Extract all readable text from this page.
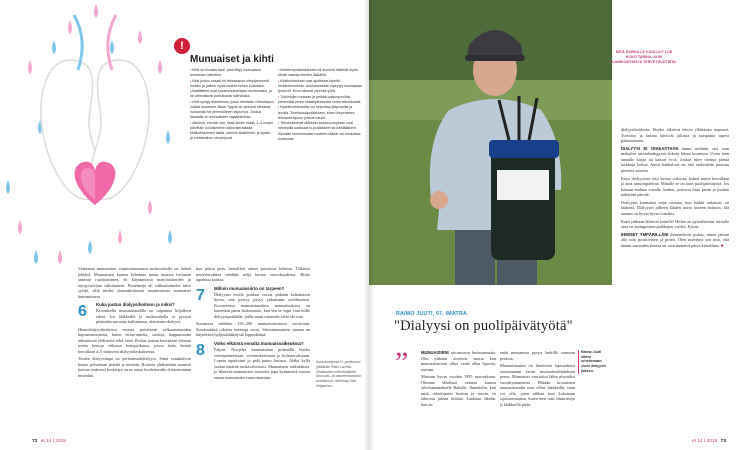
!
Munuaiset ja kihti
• Kihti on kivulias tauti, joka liittyy munuaisen toiminnan häiriöihin.
• Kihti johtuu uraatti eli virtsahapon kiteytymisestä niveliin ja joskus myös muihin kehon kudoksiin. Uraattikiteet ovat koostumukseltaan neulamaisia, ja ne aiheuttavat voimakasta tulehdusta.
• Kihti syntyy tilanteessa, jossa elimistön virtsahapon määrä suurenee liikaa. Syynä on yleensä elintavat, ruokavalio tai perinnöllinen taipumus. Joskus taustalla on munuaisten vajaatoiminta.
• Alkoholi, etenkin olut, lisää kihdin riskiä. 2–4 tuopin päivittäin kuluttaminen kaksinkertaistaa kihtikohtauksen riskiä, samoin sisäelimet, ja sydän- ja metabolinen oireyhtymä.
• Nesteenpoistolääkkeet eli diureetit lisäävät myös kihdin vaaraa etenkin iäkkäillä.
• Kihtikohtaukset ovat ajoittaisia kipeitä niveltulehduksia. Uusiutuessaan kipeytyy isovarpaan tyvinivel. Kivut alkavat yleensä yöllä.
• Tulkintojen mukaan ja pelkää paisunpuoliksi pienentää veren uraattipitoisuutta veren tehokkaasti.
• Kipeää kihtinivelta voi helpottaa jääpussilla ja levolla. Tulehduskipulääkkeet, kuten ibuprofeeni, tehoavat kipuun joskus varsin.
• Tehokkaimmat lääkkeet kiuustoonkyksen ovat nesteplilä uaatoaat lo-pulääkkeet tai kihtilääkkeet. Kipeään lumemmoiset mutteen lääkär voi ruiskuttaa kortisonia.

Vaikeassa munuaisten vajaatoiminnassa ruokavaliolla on tärkeä tehtävä. Munuaisten kuntoa kohentaa muun muassa fosfaatin saannin rajoittaminen, eli käytännössä maitotuotteiden ja täysjyväviljan välttäminen. Proteiineja eli valkuaisaineita tulee syödä, sillä niiden ylenmääräisestä nauttimisesta munuaiset kuormittuvat.

6 Kuka joutuu dialyysihoitoon ja miksi?

Kroonisella munuaistaudilla on taipumus hiljalleen edetä. Jos lääkkeillä ja ruokavaliolla ei pystytä pitämään sairautta hallinnassa, aloitetaan dialyysi.

Hemodialyysihoidossa veresta poistetaan valkuaisaineiden hajoamistuotteita, kuten virtsa-ainetta, suoloja, happamuutta aiheuttavia yhdisteitä sekä vettä. Potilas joutuu kuormaan yleensä useita kertoja viikossa hoitopaikassa, joissa hoito kestää kerrallaan 4–5 tuntisesti dialyysikeskuksessa.

Toinen dialyysitapa on peritoneaalidialyysi. Siinä vatsakalvon kautta poistetaan jätteitä ja nestettä. Hoitoon yhdistetään monesti kotona sisäisesti keskistyy tarve antaa hoidettavalle elintoiminnan nesteihin.

kuu pitkin peas, hoitaillset aineet poistuvat kehosta. Tällaista nesteenvaihtoa tehdään neljä kertaa vuorokaudessa. Hoito tapahtuu kotona.

7 Milloin munuaissiirto on tarpeen?

Dialyysin avulla potilaat voivat pitkään kohtalaisen hyvin, ona pystyy pysyy jatkamaan työelämässä. Kroonisessa munuaistaudissa munuaissiirtoa on kuitenkin paras hoitomuoto, kun sen se sopii vain niille dialyysipotilaille, joilla muut sairaudet eivät ole este.

Suomessa tehdään 150–200 munuaisensiirtoa vuosittain. Siirrännäistä odottaa useampi vuosi. Siirtomunuaisen saanen on käytettävä hyljintälääkitystä loppuikänsä.

8 Voiko elkäistä ennalta munuaisvaikeuksia?

Paljon. Nuojelet munuaisiaan pitämällä huolta verenpaineestaan, verensokeristaan ja kolesterolistaan. Lopeta tupakointi ja pidä paino kurissa. Äläkä kyllä suolan määrää ruokavaliossasi. Munuaisten vaikutukset, ja lähtevät munuaisten vaurioita jopa kymmeniä vuosia ennen munuaisten vaurioitumista.

Asiantuntijana t.t. professori, ylilääkäri Risto Lachla. Sisätautien erikoislääkäri. Munuais- ja diabeteshoitoon keskittynyt, nefrologi Sari Högström.
72 et 14 | 2015
MITÄ RAIMOLLE KUULUU? LUE KOKO TARINA JA 50 AJANKOHTAISTA TERVEYSUUTISTA.
RAIMO JUUTI, 67, IMATRA
"Dialyysi on puolipäivätyötä"
”	MUNUAISIENI sairastuivat huomaamatta. Olin pitkään oireeton, mutta kun munuaissiirtoni alkoi vetää ollaa lepoota, aurinin.

Muistan hyvin vuoden 1995 marraskuun. Olimme lähdössä vaimon kanssa talvilomamatkalle Rukalle. Ihmettelin, kun mitä, urheilumies heräsin ja vetoin, en tahtonut jaksaa hiihtää. Lääkärin lähdin, kun en

enää meinannut pysyä lenkillä vaimoni perässä.

Munuaistautini on ilmeisesti lapsuudessa sairastamani lavan munuaistulehduksen perua. Munuaiset vaurioitui lähin nöyttöksi vuosikymmenistä. Pitkään kroonisten munuaistaudin ovat olleet lääkkeillä, vaan voi olla, joten rahkan kun kokonaan sijaisuusraaitaa, kuten teen uusi elinkriisoja ja lääkkeillä pitää.

Raimo Juuti lähtee urheilemaan usein dialyysin jälkeen.

dialyysihoidossa. Hoidot alkaivat tehota yllättävän nopeasti. Turvotus ja kutina häviivät jaloista ja taaspaino rupesi palautumaan.

DIALYYSI EI OIKEASTAAN tunnu miltään, sitä vain makailee sairaalasängyssä letkuin kiinni koneessa. Usein luen samalla kirjaa tai katson tv:tä. Joskus tulee otettua pieniä torkkuja hoitoa. Ainoa hankaluus on, että rauhoitettu puuttuu pienistä asioista.

Käyn dialyysissa viisi kertaa viikossa, kolme tuntia kerrallaan ja aina samoinpäivinä. Minulle se on kuin puolipäivätyötä. Jos hakaan mahtua vuoalle hoidon, joutuvat lisää perän ja joudun näkäytän päivää.

Dialyysin kannattaa ottaa vastaan, kun kaikki ratkaisut, on lääkettä. Dialyysin jälkeen lähden usein toiseen hoitoon. Jää sanaan on hyvin hyvin lomaksi.

Kuka jääkaan lähtevät kainilla! Hiihto on pyöräilemme minulle aina on auringoisten paikkojen vuoksi. Kävin.

IHMISET YMPÄRILLÄNI ihmettelevät joskus, miten jaksan olla niin positiivinen ja pirteä. Olen miettinyt sen niin, että tämän sairauden kanssa on vain mentävä päivä kerrallaan. ■

et 14 | 2015 73
